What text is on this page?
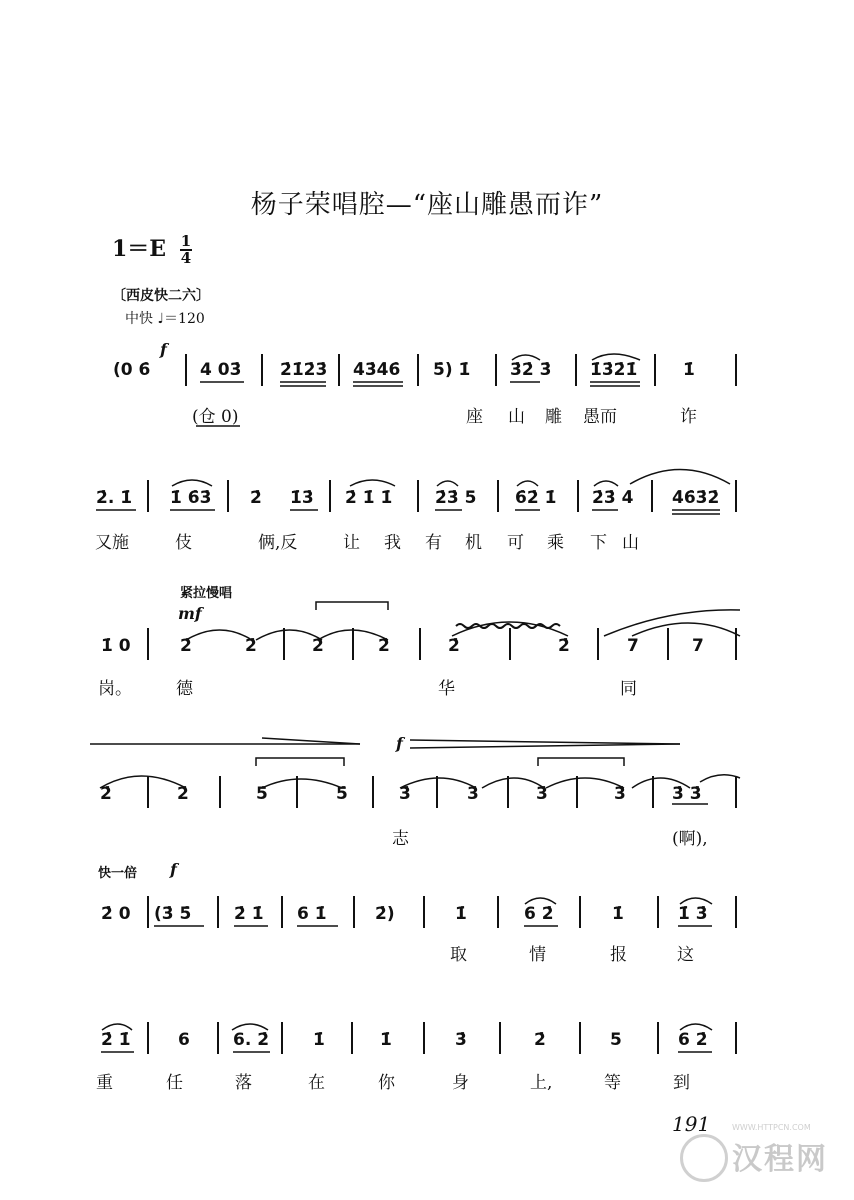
杨子荣唱腔—“座山雕愚而诈”
$1=E \frac{1}{4}$
〔西皮快二六〕
中快 ♩＝120
f
(0 6̇	4 03̇ 2̇1̇2̇3̇ 4̇3̇4̇6̇ 5̇) 1̇ 3̇2̇ 3̇ 1̇3̇2̇1̇	1̇
(仓 0)	座 山 雕 愚而	诈
2̇. 1̇ 1̇ 6̇3̇ 2̇ 1̇3̇ 2̇ 1̇ 1̇	2̇3̇ 5 6̇2̇ 1̇ 2̇3̇ 4̇ 4̇6̇3̇2̇
又施	伎	俩,反	让 我 有 机 可 乘 下 山
紧拉慢唱
mf
1̇ 0	2̇	2̇	2̇	2̇	2̇	2̇	7	7
岗。	德	华	同
f
2̇	2̇	5̇	5̇	3̇	3̇	3̇	3̇	3̇ 3̇
志	(啊),
快一倍 f
2̇ 0 (3̇ 5̇	2̇ 1̇ 6 1̇	2̇)	1̇	6 2̇	1̇	1̇ 3̇
取	情	报	这
2̇ 1̇	6	6. 2̇	1̇	1̇	3̇	2̇	5	6 2̇
重	任	落	在	你	身	上,	等	到
191	WWW.HTTPCN.COM
汉程网
